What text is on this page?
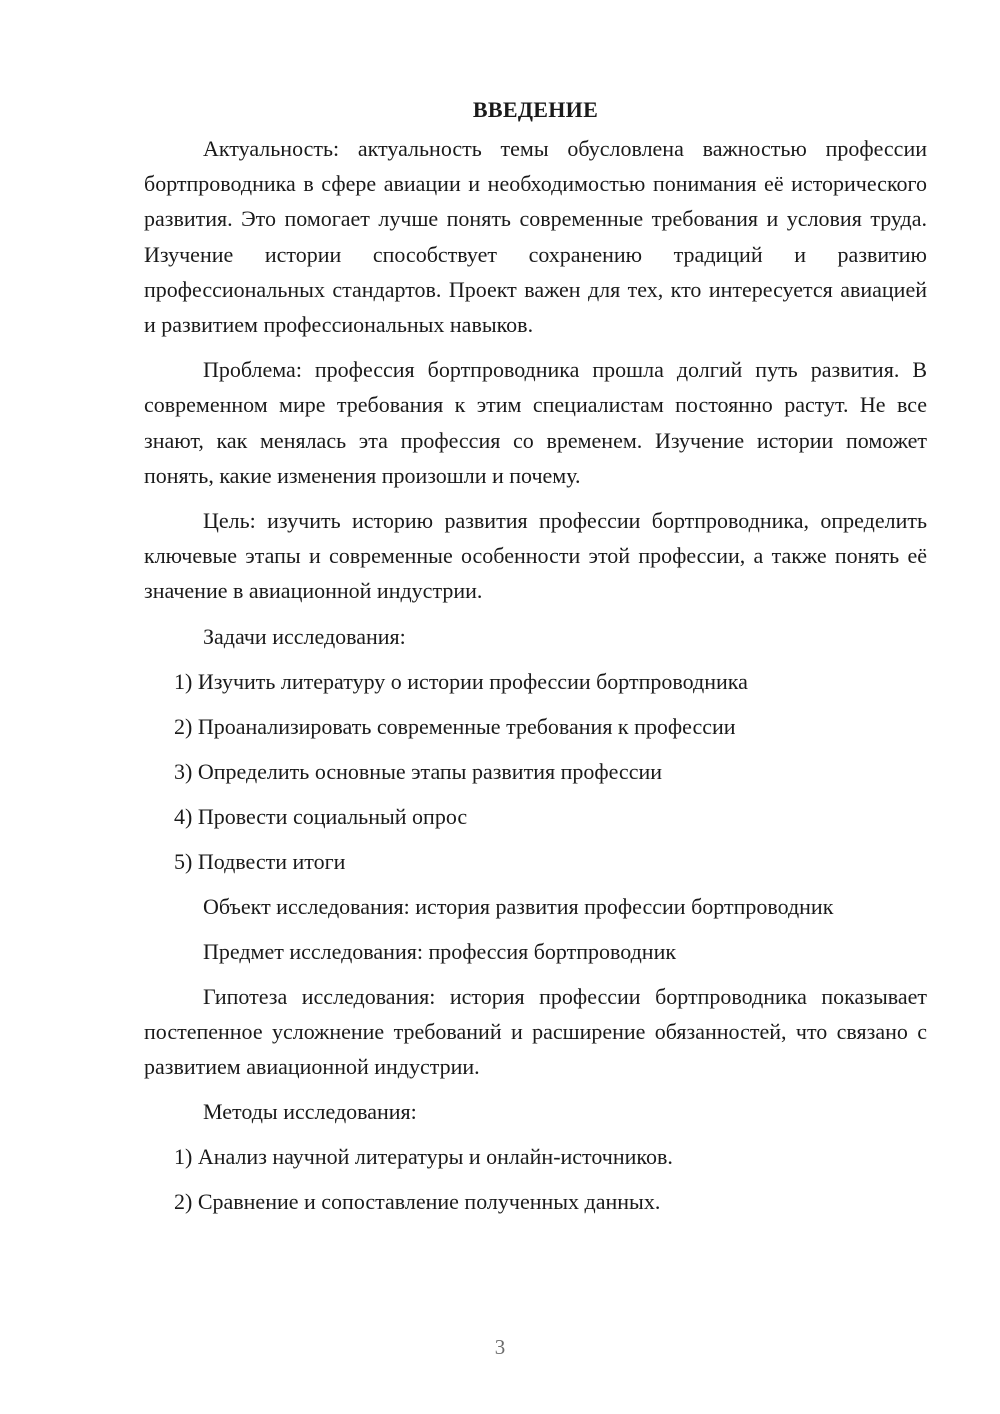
ВВЕДЕНИЕ

Актуальность: актуальность темы обусловлена важностью профессии бортпроводника в сфере авиации и необходимостью понимания её исторического развития. Это помогает лучше понять современные требования и условия труда. Изучение истории способствует сохранению традиций и развитию профессиональных стандартов. Проект важен для тех, кто интересуется авиацией и развитием профессиональных навыков.

Проблема: профессия бортпроводника прошла долгий путь развития. В современном мире требования к этим специалистам постоянно растут. Не все знают, как менялась эта профессия со временем. Изучение истории поможет понять, какие изменения произошли и почему.

Цель: изучить историю развития профессии бортпроводника, определить ключевые этапы и современные особенности этой профессии, а также понять её значение в авиационной индустрии.

Задачи исследования:
1) Изучить литературу о истории профессии бортпроводника
2) Проанализировать современные требования к профессии
3) Определить основные этапы развития профессии
4) Провести социальный опрос
5) Подвести итоги
Объект исследования: история развития профессии бортпроводник
Предмет исследования: профессия бортпроводник

Гипотеза исследования: история профессии бортпроводника показывает постепенное усложнение требований и расширение обязанностей, что связано с развитием авиационной индустрии.

Методы исследования:
1) Анализ научной литературы и онлайн-источников.
2) Сравнение и сопоставление полученных данных.
3
